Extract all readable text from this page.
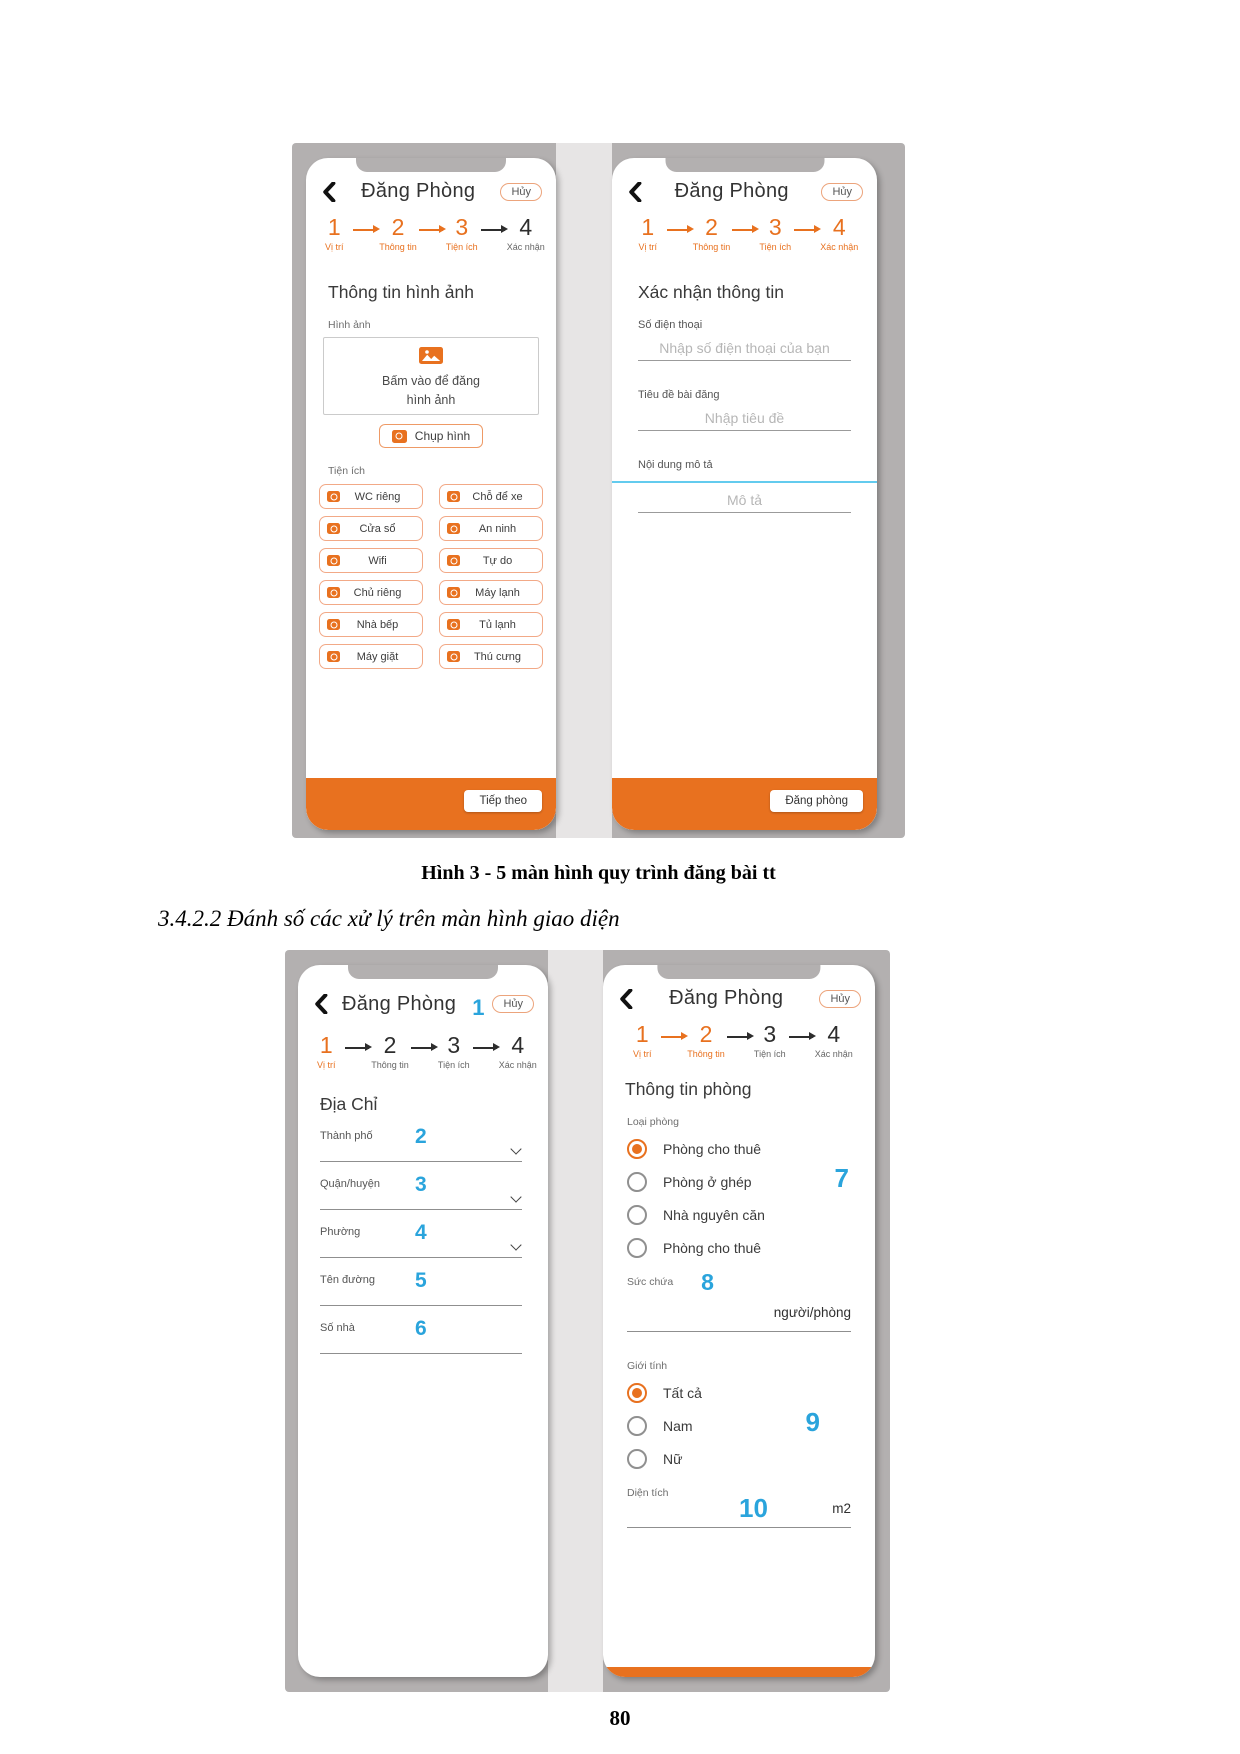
Đăng Phòng	Hủy
1
Vị trí
2
Thông tin
3
Tiện ích
4
Xác nhận
Thông tin hình ảnh
Hình ảnh
Bấm vào để đăng
hình ảnh
Chụp hình
Tiện ích
WC riêng	Chỗ để xe
Cửa sổ	An ninh
Wifi	Tự do
Chủ riêng	Máy lạnh
Nhà bếp	Tủ lạnh
Máy giặt	Thú cưng
Tiếp theo
Đăng Phòng	Hủy
1
Vị trí
2
Thông tin
3
Tiện ích
4
Xác nhận
Xác nhận thông tin
Số điện thoại
Nhập số điện thoại của bạn
Tiêu đề bài đăng
Nhập tiêu đề
Nội dung mô tả
Mô tả
Đăng phòng
Hình 3 - 5 màn hình quy trình đăng bài tt
3.4.2.2 Đánh số các xử lý trên màn hình giao diện
Đăng Phòng 1	Hủy
1
Vị trí
2
Thông tin
3
Tiện ích
4
Xác nhận
Địa Chỉ
Thành phố 2
Quận/huyện 3
Phường	4
Tên đường 5
Số nhà	6
Đăng Phòng	Hủy
1
Vị trí
2
Thông tin
3
Tiện ích
4
Xác nhận
Thông tin phòng
Loại phòng
7
Phòng cho thuê
Phòng ở ghép
Nhà nguyên căn
Phòng cho thuê
Sức chứa 8
người/phòng
Giới tính
9
Tất cả
Nam
Nữ
Diện tích	10	m2
80
